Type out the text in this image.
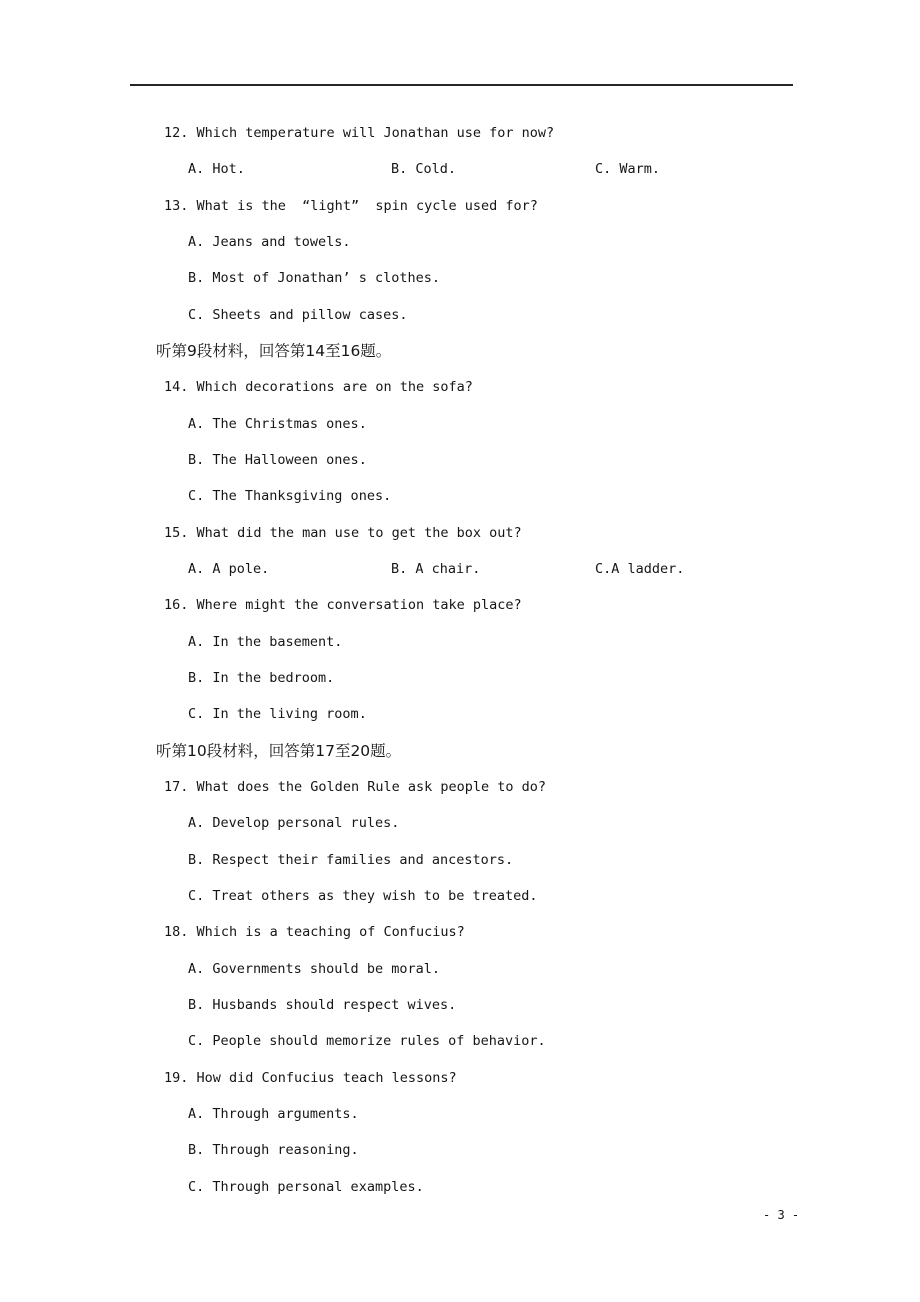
12. Which temperature will Jonathan use for now?
A. Hot.	B. Cold.	C. Warm.
13. What is the  “light”  spin cycle used for?
A. Jeans and towels.
B. Most of Jonathan’ s clothes.
C. Sheets and pillow cases.
听第9段材料，回答第14至16题。
14. Which decorations are on the sofa?
A. The Christmas ones.
B. The Halloween ones.
C. The Thanksgiving ones.
15. What did the man use to get the box out?
A. A pole.	B. A chair.	C.A ladder.
16. Where might the conversation take place?
A. In the basement.
B. In the bedroom.
C. In the living room.
听第10段材料，回答第17至20题。
17. What does the Golden Rule ask people to do?
A. Develop personal rules.
B. Respect their families and ancestors.
C. Treat others as they wish to be treated.
18. Which is a teaching of Confucius?
A. Governments should be moral.
B. Husbands should respect wives.
C. People should memorize rules of behavior.
19. How did Confucius teach lessons?
A. Through arguments.
B. Through reasoning.
C. Through personal examples.
- 3 -
